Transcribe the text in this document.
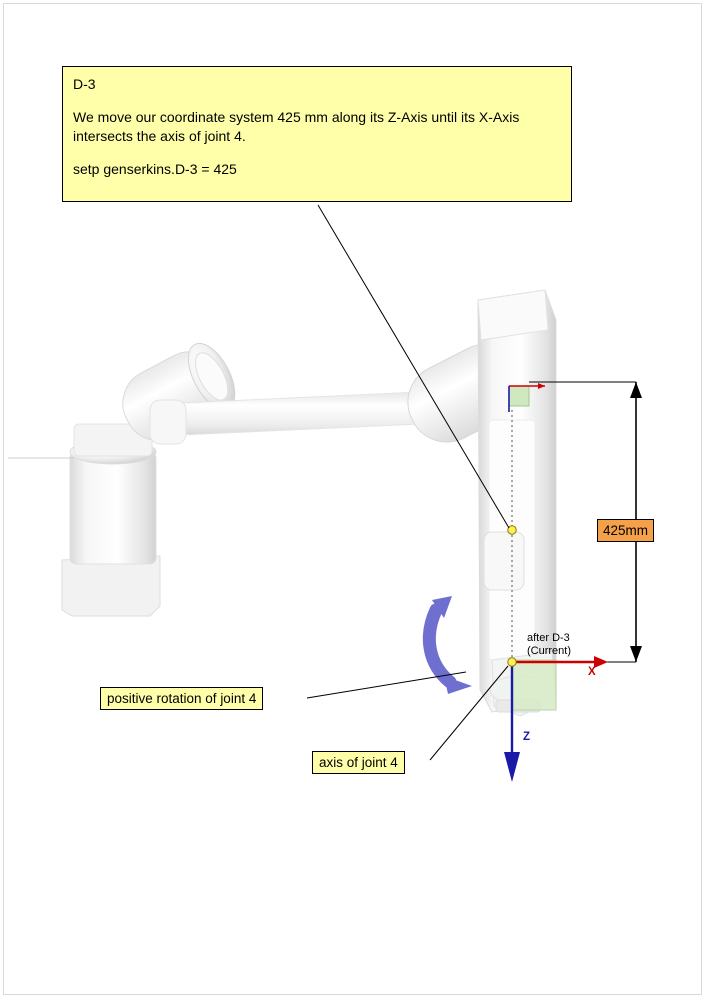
D-3
We move our coordinate system 425 mm along its Z-Axis until its X-Axis intersects the axis of joint 4.
setp genserkins.D-3 = 425
positive rotation of joint 4
axis of joint 4
425mm
after D-3
(Current)
X
Z
